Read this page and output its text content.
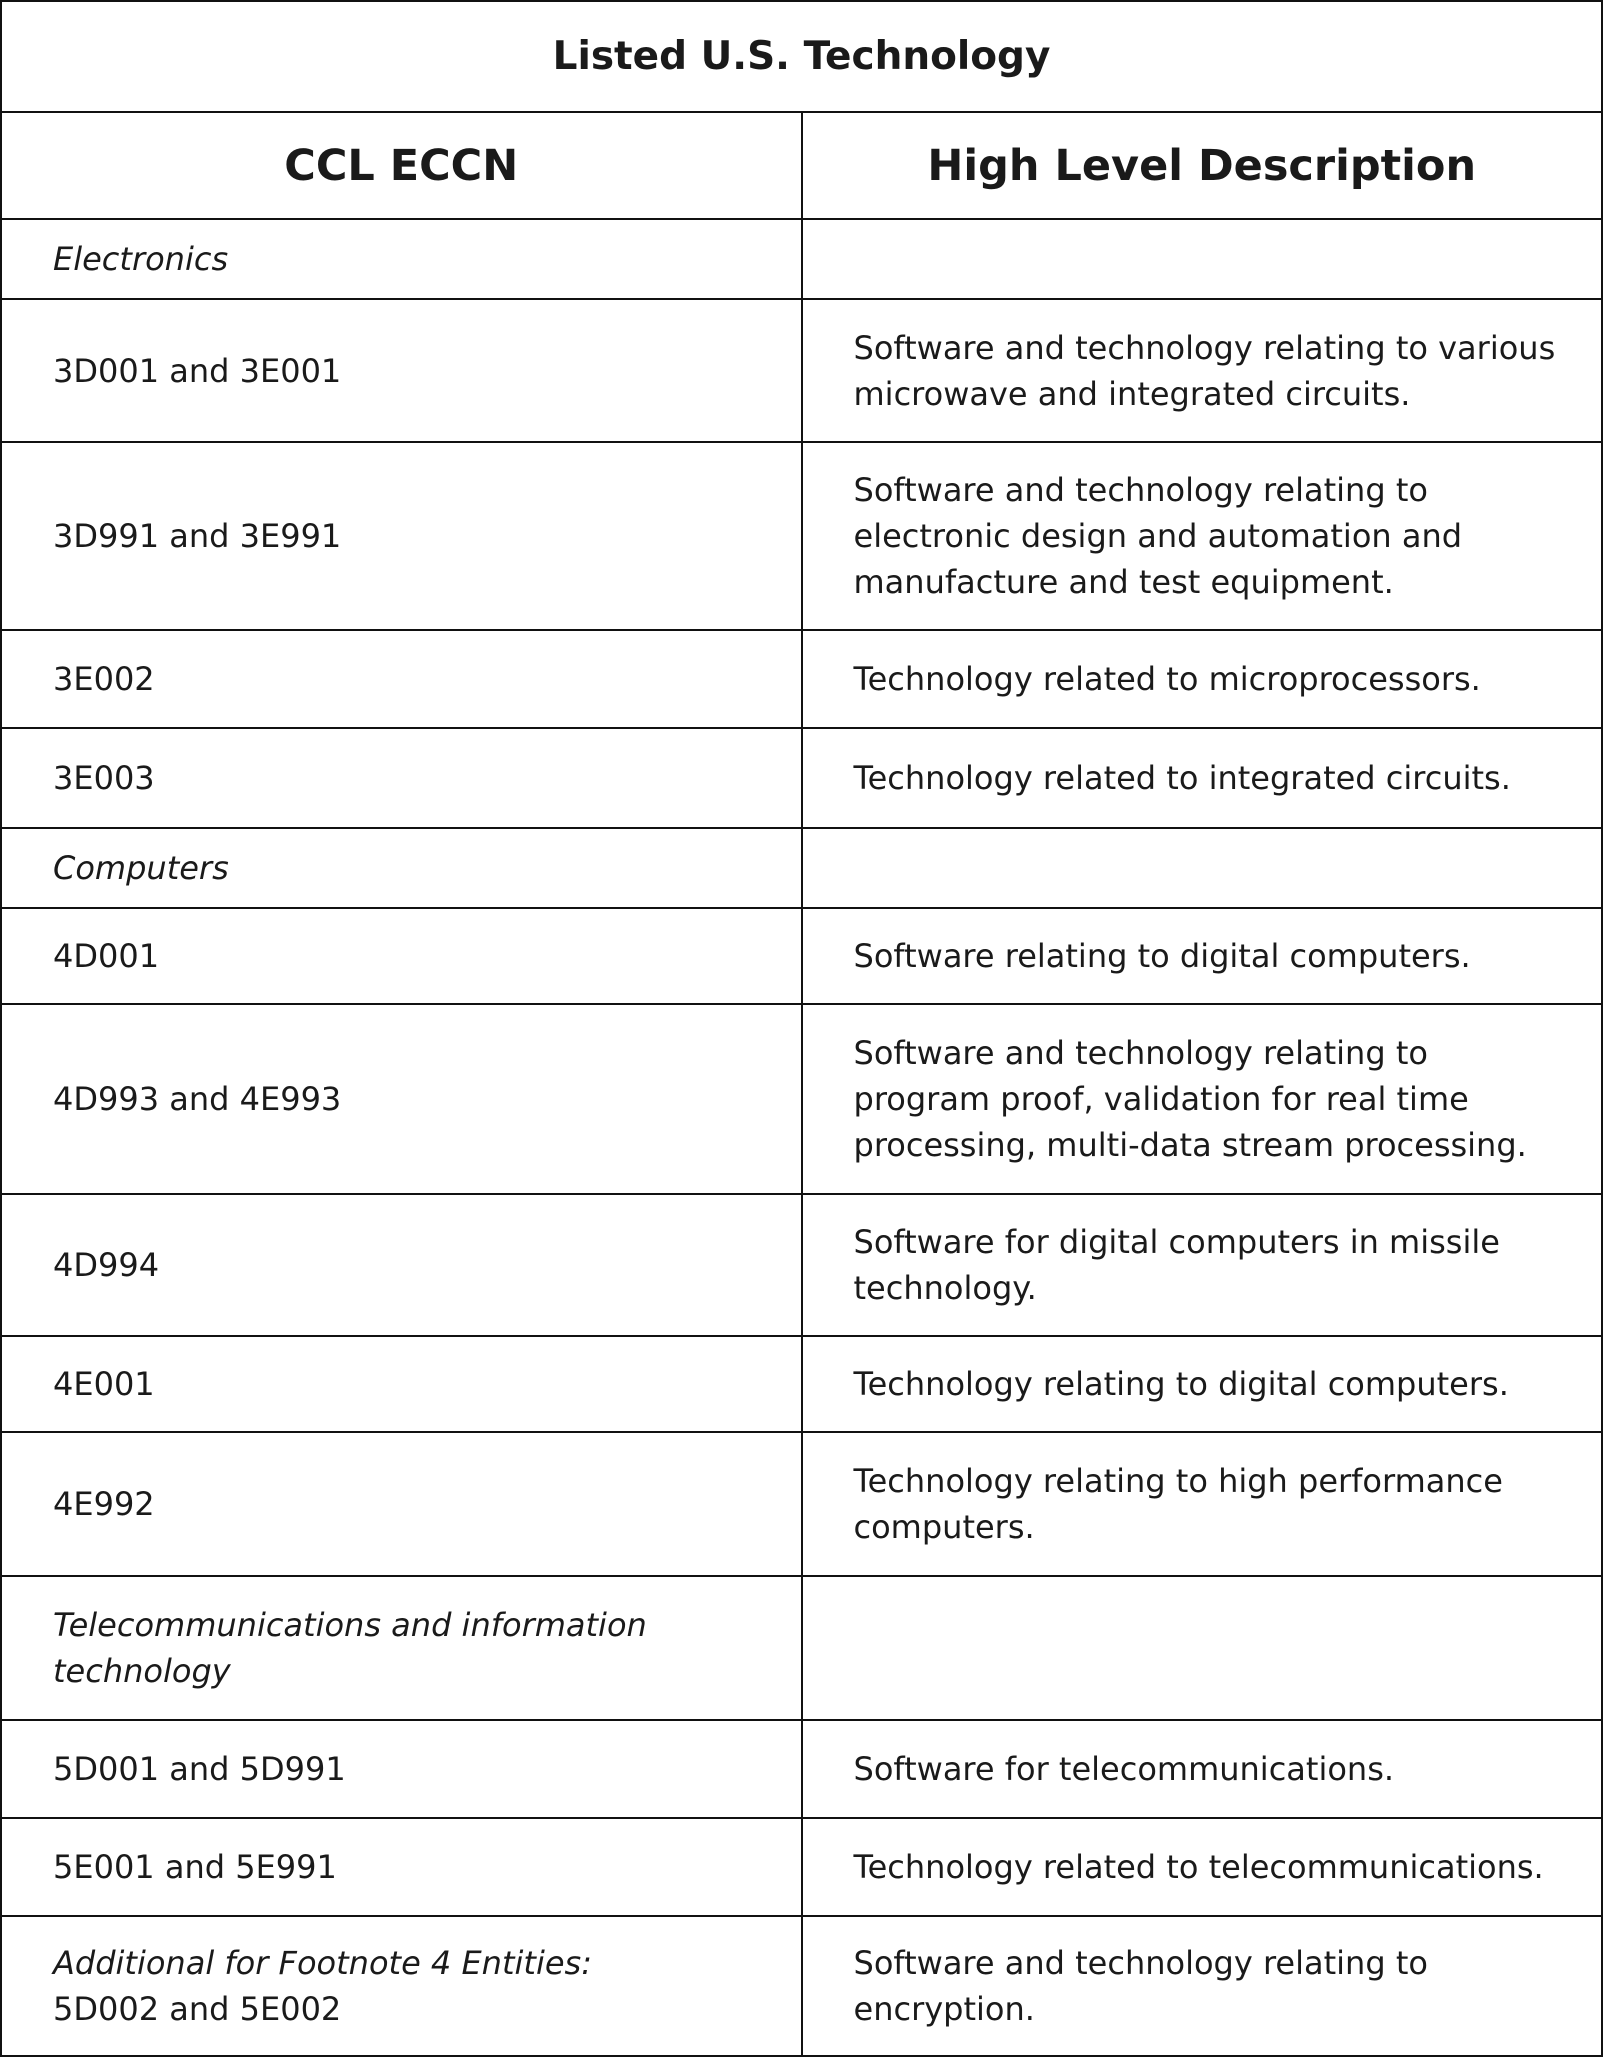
Listed U.S. Technology	
CCL ECCN	High Level Description
Electronics	
3D001 and 3E001	Software and technology relating to various microwave and integrated circuits.
3D991 and 3E991	Software and technology relating to electronic design and automation and manufacture and test equipment.
3E002	Technology related to microprocessors.
3E003	Technology related to integrated circuits.
Computers	
4D001	Software relating to digital computers.
4D993 and 4E993	Software and technology relating to program proof, validation for real time processing, multi-data stream processing.
4D994	Software for digital computers in missile technology.
4E001	Technology relating to digital computers.
4E992	Technology relating to high performance computers.
Telecommunications and information technology	
5D001 and 5D991	Software for telecommunications.
5E001 and 5E991	Technology related to telecommunications.
Additional for Footnote 4 Entities:
5D002 and 5E002	Software and technology relating to encryption.
